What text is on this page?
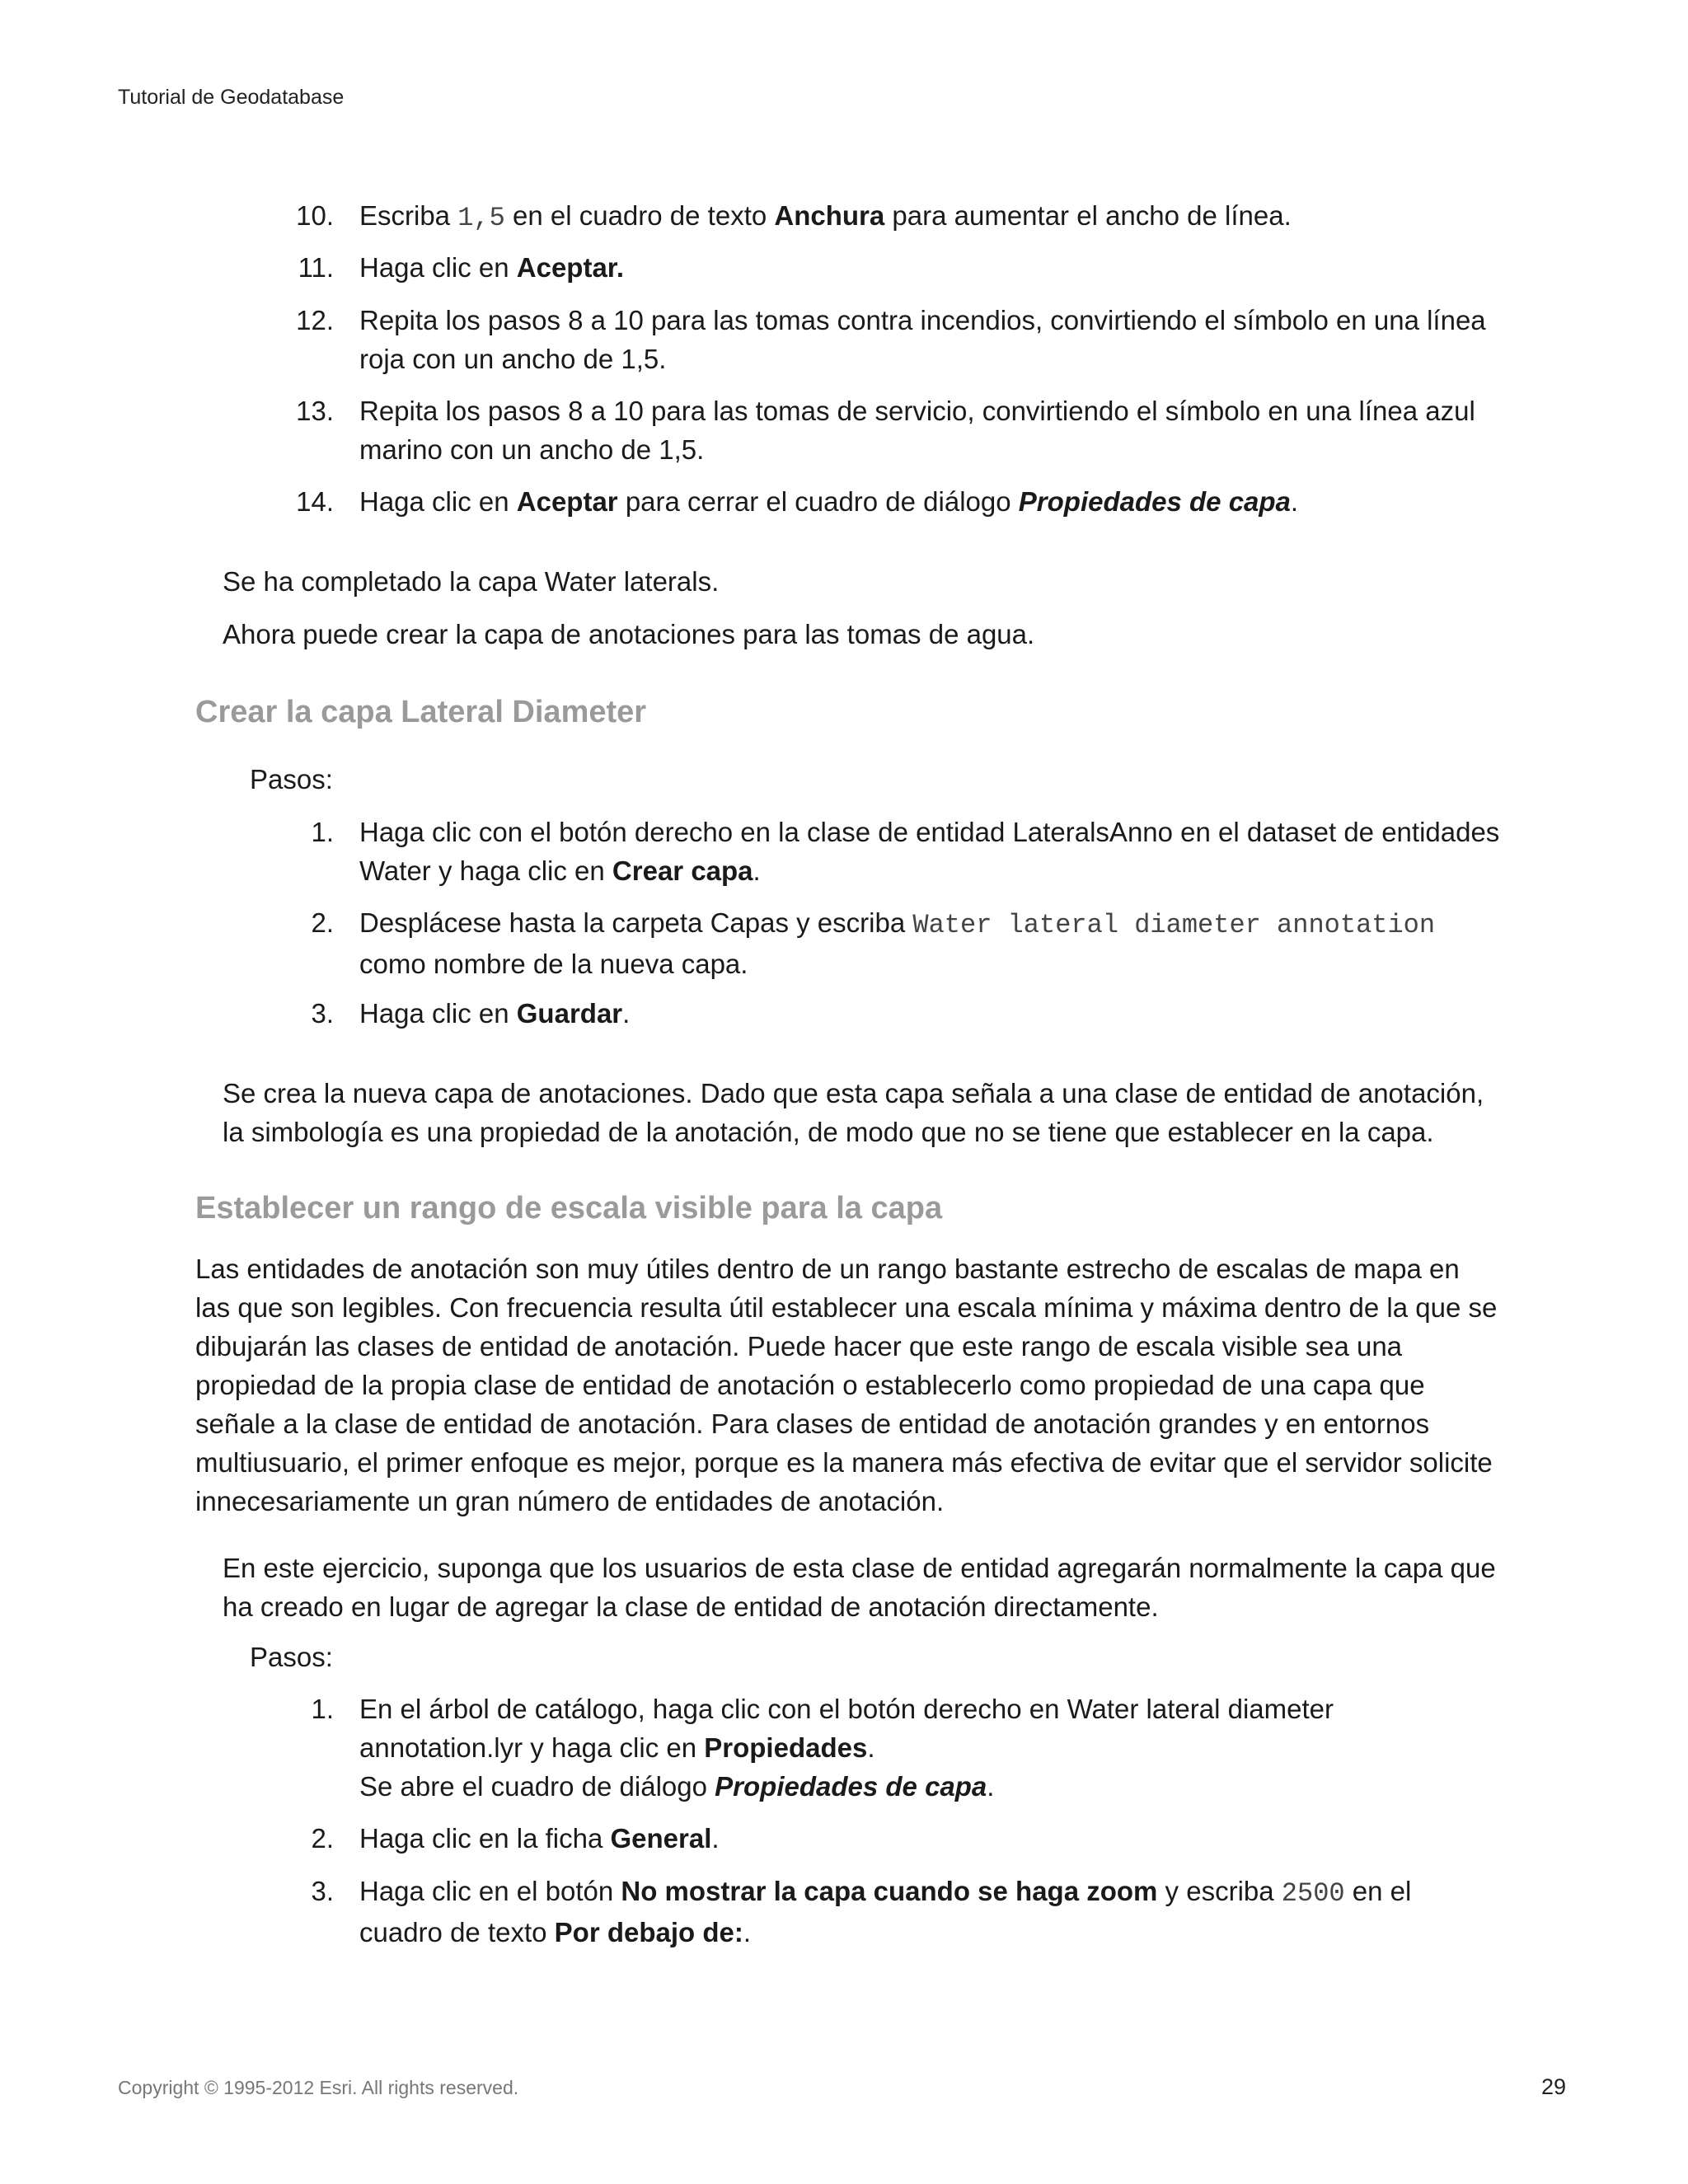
Tutorial de Geodatabase
10. Escriba 1,5 en el cuadro de texto Anchura para aumentar el ancho de línea.
11. Haga clic en Aceptar.
12. Repita los pasos 8 a 10 para las tomas contra incendios, convirtiendo el símbolo en una línea
roja con un ancho de 1,5.
13. Repita los pasos 8 a 10 para las tomas de servicio, convirtiendo el símbolo en una línea azul
marino con un ancho de 1,5.
14. Haga clic en Aceptar para cerrar el cuadro de diálogo Propiedades de capa.
Se ha completado la capa Water laterals.
Ahora puede crear la capa de anotaciones para las tomas de agua.
Crear la capa Lateral Diameter
Pasos:
1. Haga clic con el botón derecho en la clase de entidad LateralsAnno en el dataset de entidades
Water y haga clic en Crear capa.
2. Desplácese hasta la carpeta Capas y escriba Water lateral diameter annotation
como nombre de la nueva capa.
3. Haga clic en Guardar.
Se crea la nueva capa de anotaciones. Dado que esta capa señala a una clase de entidad de anotación,
la simbología es una propiedad de la anotación, de modo que no se tiene que establecer en la capa.
Establecer un rango de escala visible para la capa
Las entidades de anotación son muy útiles dentro de un rango bastante estrecho de escalas de mapa en
las que son legibles. Con frecuencia resulta útil establecer una escala mínima y máxima dentro de la que se
dibujarán las clases de entidad de anotación. Puede hacer que este rango de escala visible sea una
propiedad de la propia clase de entidad de anotación o establecerlo como propiedad de una capa que
señale a la clase de entidad de anotación. Para clases de entidad de anotación grandes y en entornos
multiusuario, el primer enfoque es mejor, porque es la manera más efectiva de evitar que el servidor solicite
innecesariamente un gran número de entidades de anotación.
En este ejercicio, suponga que los usuarios de esta clase de entidad agregarán normalmente la capa que
ha creado en lugar de agregar la clase de entidad de anotación directamente.
Pasos:
1. En el árbol de catálogo, haga clic con el botón derecho en Water lateral diameter
annotation.lyr y haga clic en Propiedades.
Se abre el cuadro de diálogo Propiedades de capa.
2. Haga clic en la ficha General.
3. Haga clic en el botón No mostrar la capa cuando se haga zoom y escriba 2500 en el
cuadro de texto Por debajo de:.
Copyright © 1995-2012 Esri. All rights reserved.	29
